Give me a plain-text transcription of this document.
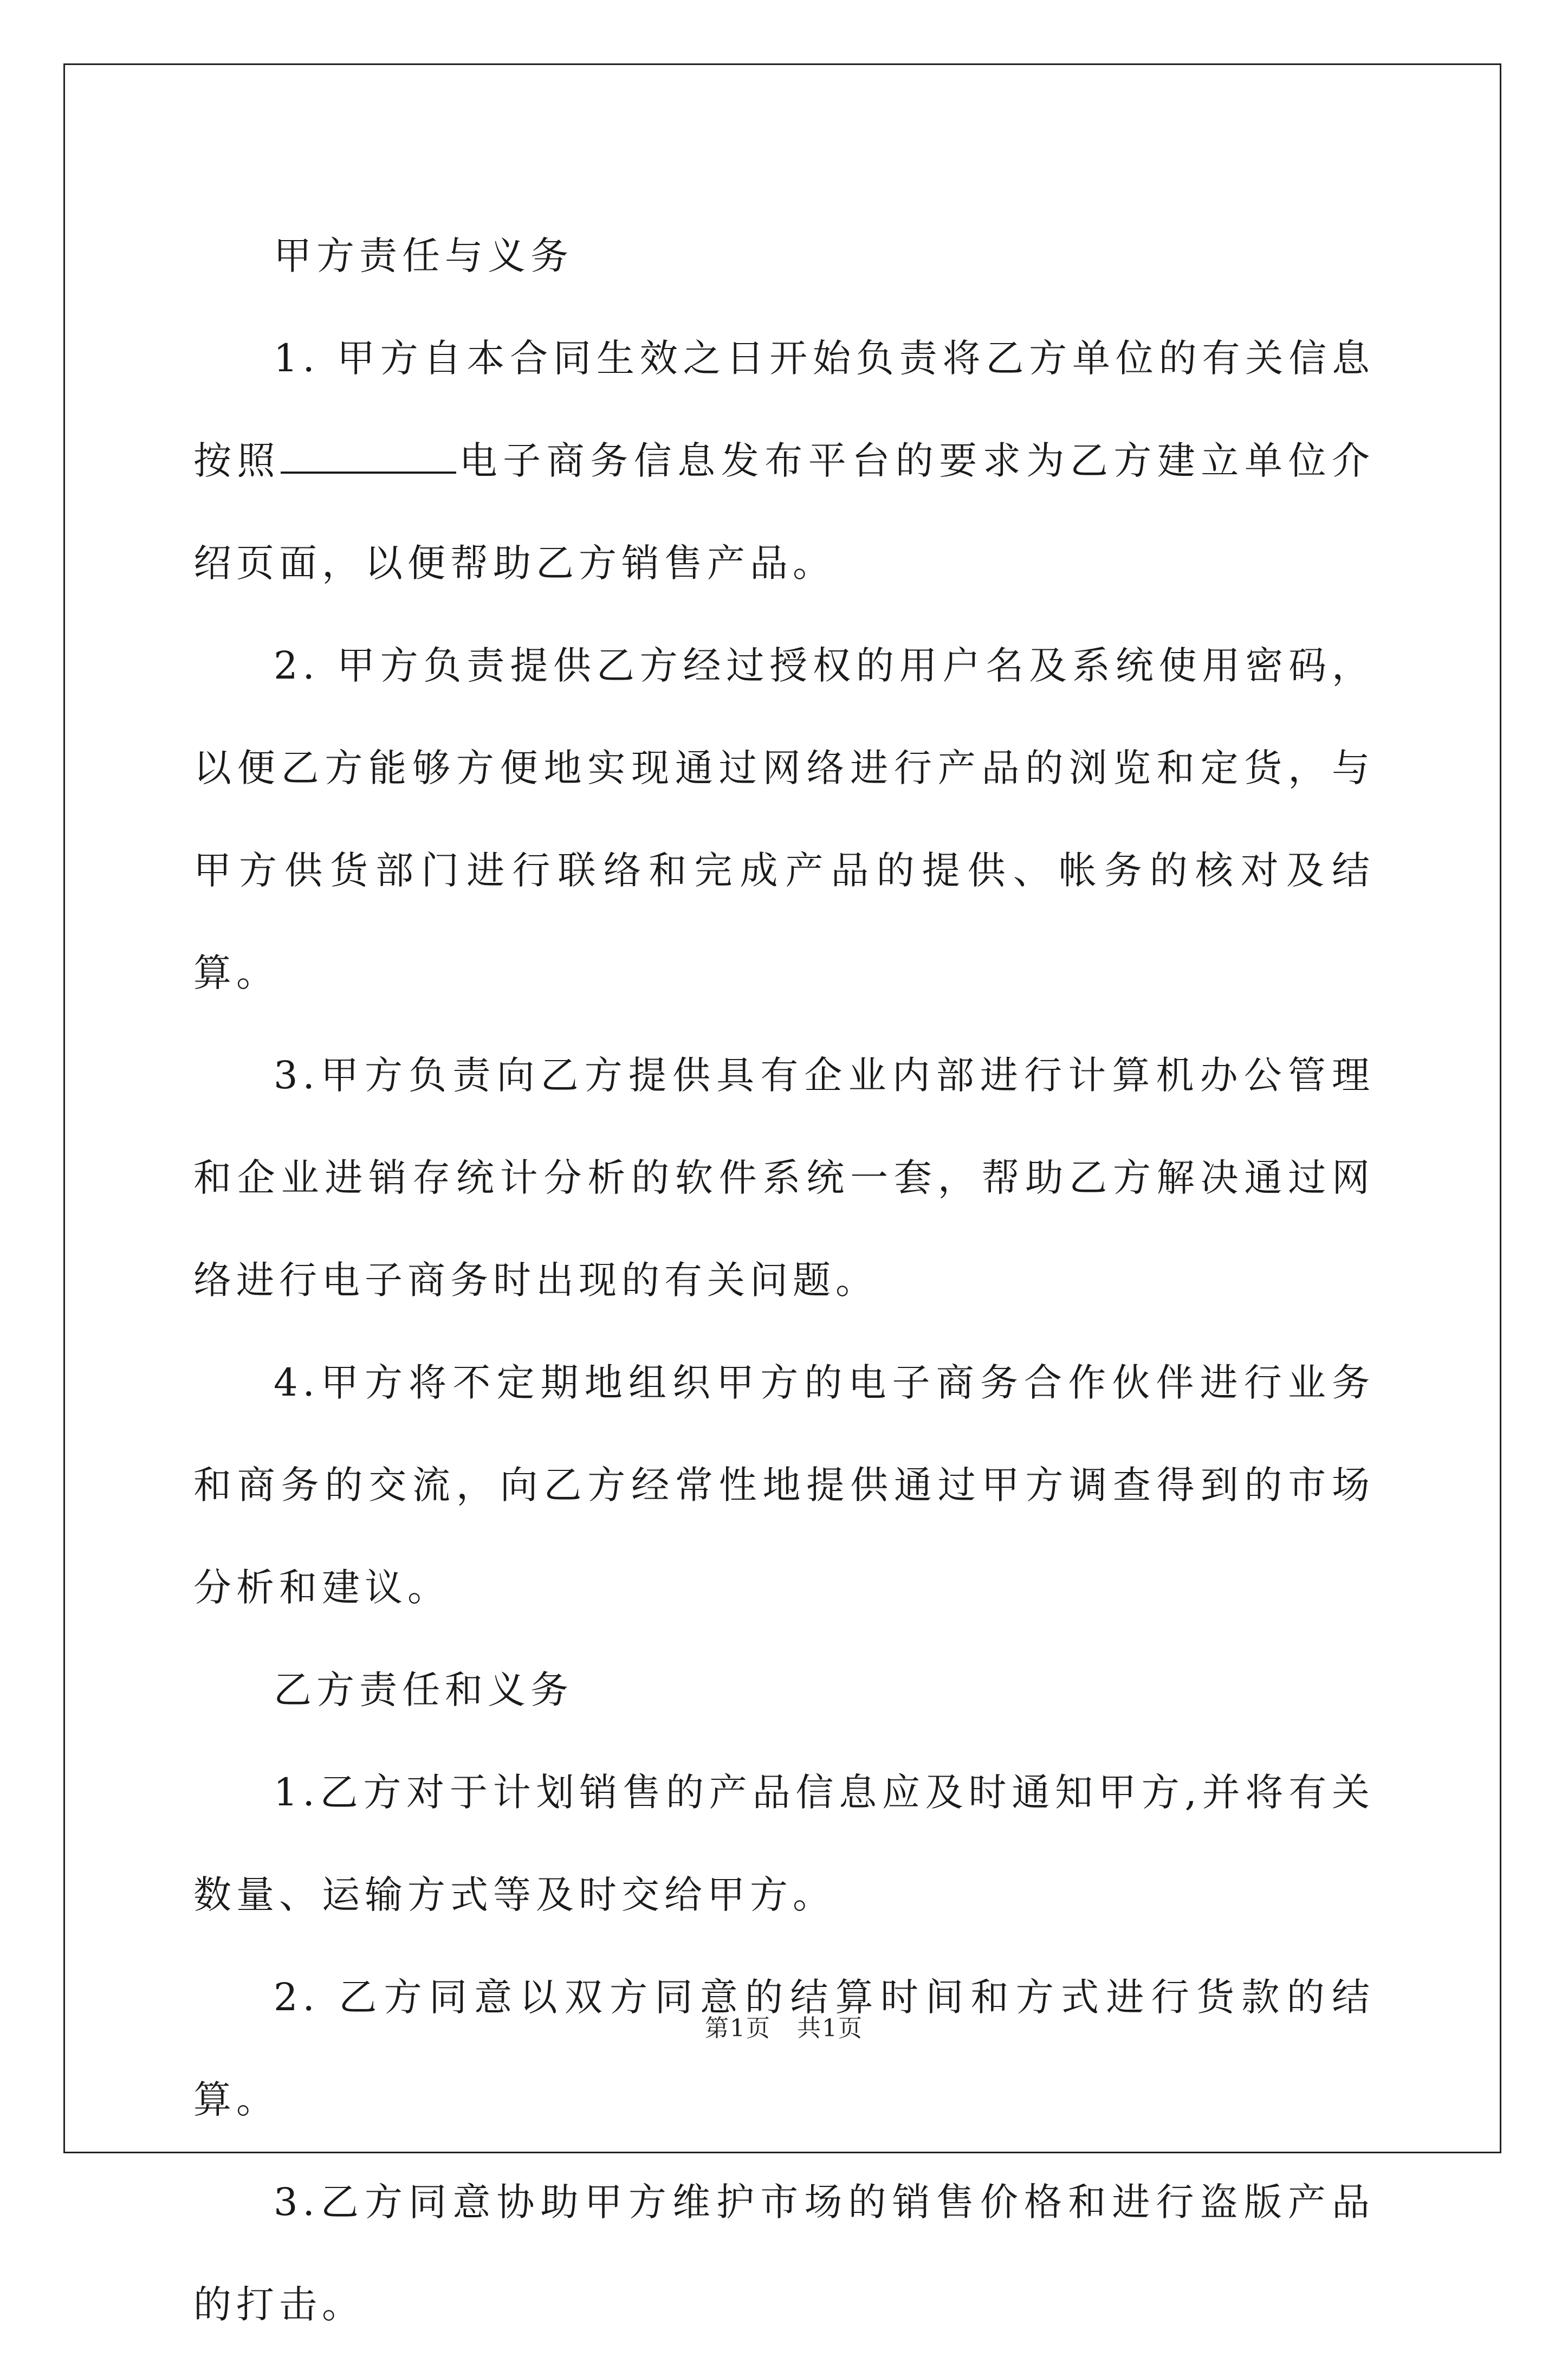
甲方责任与义务

1. 甲方自本合同生效之日开始负责将乙方单位的有关信息按照	电子商务信息发布平台的要求为乙方建立单位介绍页面，以便帮助乙方销售产品。

2. 甲方负责提供乙方经过授权的用户名及系统使用密码，以便乙方能够方便地实现通过网络进行产品的浏览和定货，与甲方供货部门进行联络和完成产品的提供、帐务的核对及结算。

3.甲方负责向乙方提供具有企业内部进行计算机办公管理和企业进销存统计分析的软件系统一套，帮助乙方解决通过网络进行电子商务时出现的有关问题。

4.甲方将不定期地组织甲方的电子商务合作伙伴进行业务和商务的交流，向乙方经常性地提供通过甲方调查得到的市场分析和建议。

乙方责任和义务

1.乙方对于计划销售的产品信息应及时通知甲方,并将有关数量、运输方式等及时交给甲方。

2. 乙方同意以双方同意的结算时间和方式进行货款的结算。

3.乙方同意协助甲方维护市场的销售价格和进行盗版产品的打击。

第1页   共1页
